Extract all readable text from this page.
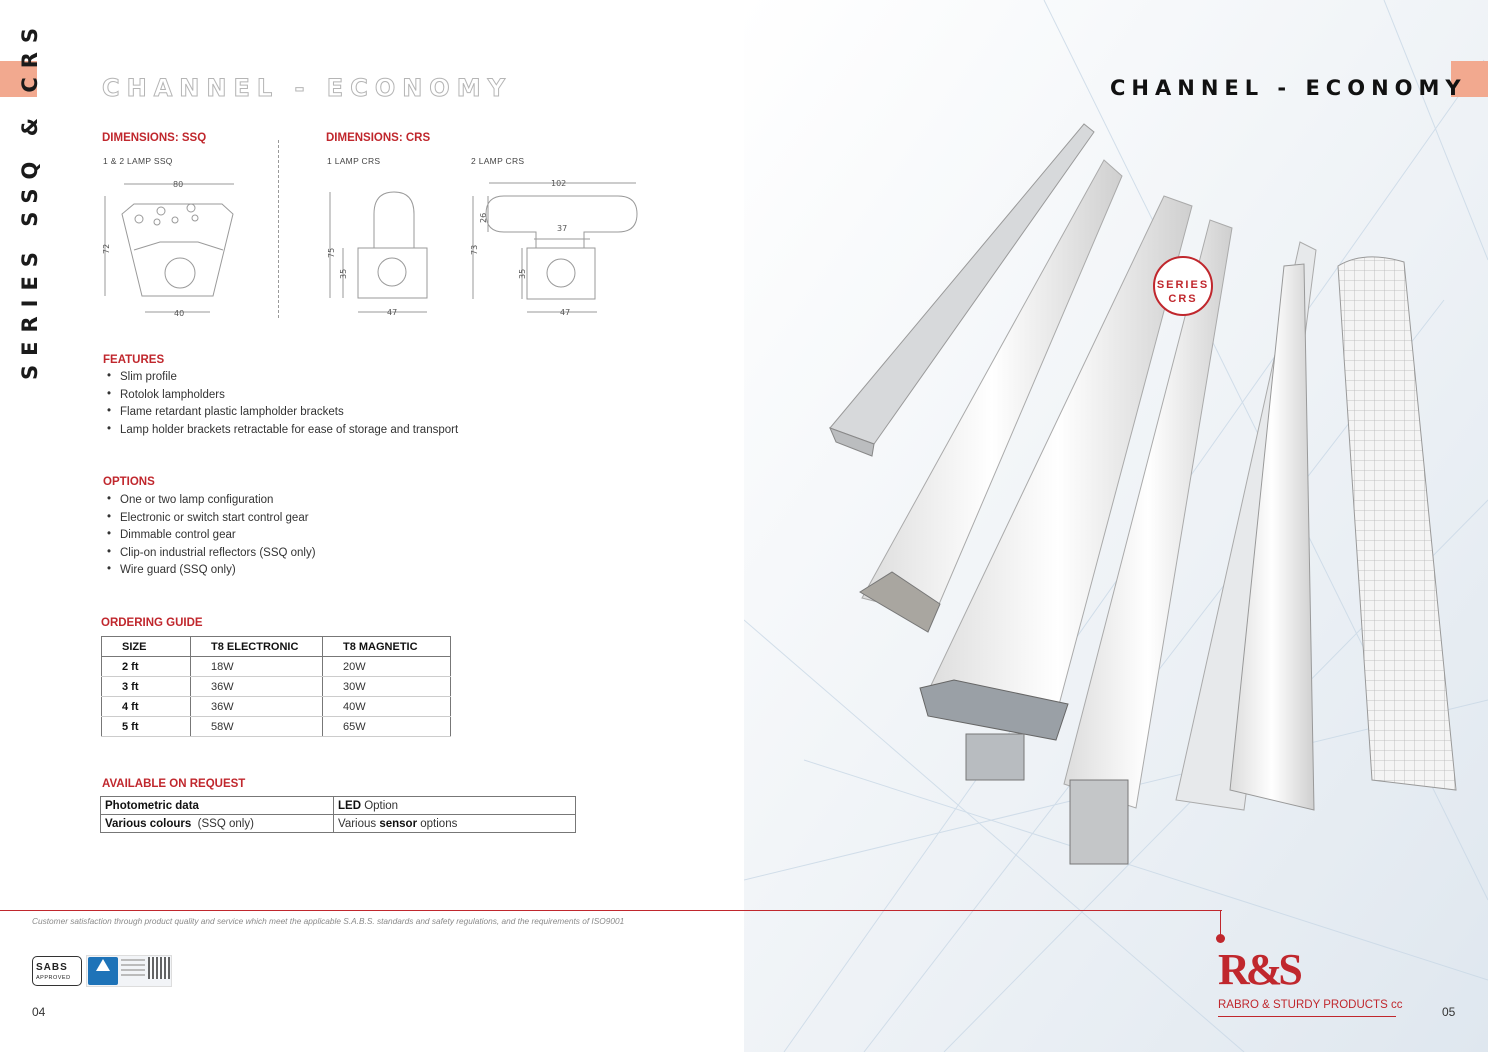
CHANNEL - ECONOMY
SERIES SSQ & CRS	DIMENSIONS: SSQ
1 & 2 LAMP SSQ
DIMENSIONS: CRS
1 LAMP CRS	2 LAMP CRS
80
72
40
75
35
47
102
26
73
37
35
47
FEATURES
• Slim profile
• Rotolok lampholders
• Flame retardant plastic lampholder brackets
• Lamp holder brackets retractable for ease of storage and transport
OPTIONS
• One or two lamp configuration
• Electronic or switch start control gear
• Dimmable control gear
• Clip-on industrial reflectors (SSQ only)
• Wire guard (SSQ only)
ORDERING GUIDE
SIZE	T8 ELECTRONIC	T8 MAGNETIC
2 ft	18W	20W
3 ft	36W	30W
4 ft	36W	40W
5 ft	58W	65W
AVAILABLE ON REQUEST
Photometric data	LED Option
Various colours  (SSQ only)	Various sensor options
Customer satisfaction through product quality and service which meet the applicable S.A.B.S. standards and safety regulations, and the requirements of ISO9001
SABS
APPROVED
04
CHANNEL - ECONOMY
SERIES
CRS
R&S
RABRO & STURDY PRODUCTS cc	05
